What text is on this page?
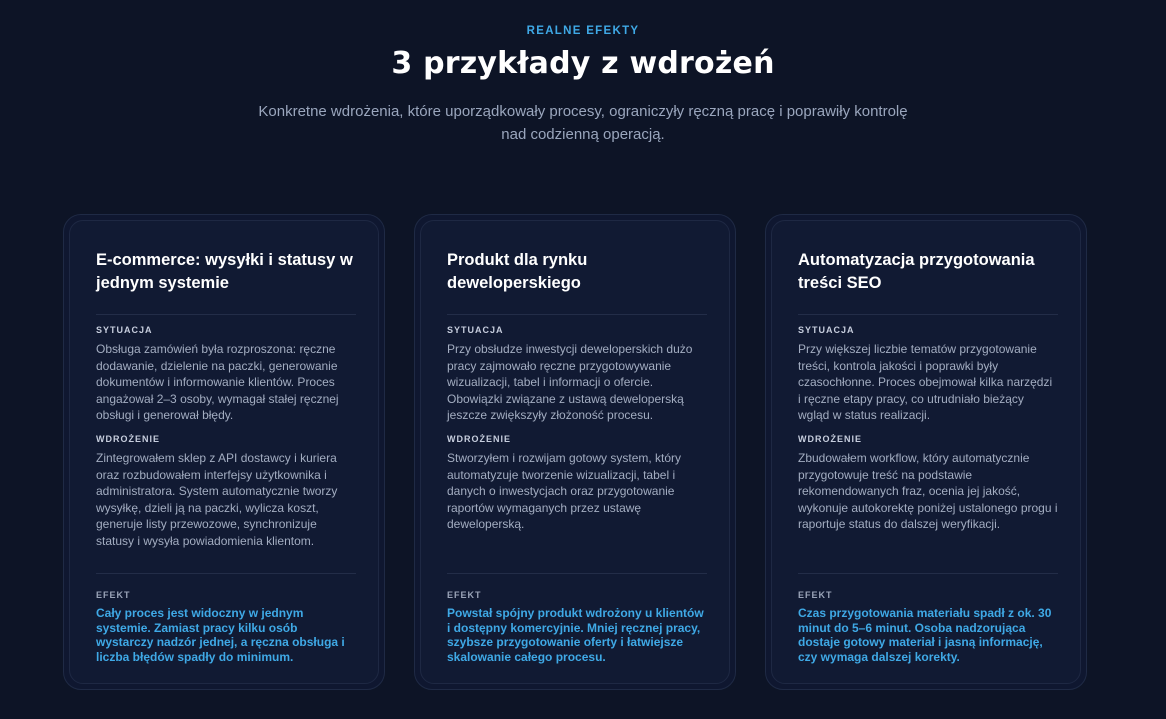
REALNE EFEKTY
3 przykłady z wdrożeń

Konkretne wdrożenia, które uporządkowały procesy, ograniczyły ręczną pracę i poprawiły kontrolę nad codzienną operacją.

E-commerce: wysyłki i statusy w jednym systemie
SYTUACJA
Obsługa zamówień była rozproszona: ręczne dodawanie, dzielenie na paczki, generowanie dokumentów i informowanie klientów. Proces angażował 2–3 osoby, wymagał stałej ręcznej obsługi i generował błędy.
WDROŻENIE
Zintegrowałem sklep z API dostawcy i kuriera oraz rozbudowałem interfejsy użytkownika i administratora. System automatycznie tworzy wysyłkę, dzieli ją na paczki, wylicza koszt, generuje listy przewozowe, synchronizuje statusy i wysyła powiadomienia klientom.
EFEKT
Cały proces jest widoczny w jednym systemie. Zamiast pracy kilku osób wystarczy nadzór jednej, a ręczna obsługa i liczba błędów spadły do minimum.
Produkt dla rynku deweloperskiego
SYTUACJA
Przy obsłudze inwestycji deweloperskich dużo pracy zajmowało ręczne przygotowywanie wizualizacji, tabel i informacji o ofercie. Obowiązki związane z ustawą deweloperską jeszcze zwiększyły złożoność procesu.
WDROŻENIE
Stworzyłem i rozwijam gotowy system, który automatyzuje tworzenie wizualizacji, tabel i danych o inwestycjach oraz przygotowanie raportów wymaganych przez ustawę deweloperską.
EFEKT
Powstał spójny produkt wdrożony u klientów i dostępny komercyjnie. Mniej ręcznej pracy, szybsze przygotowanie oferty i łatwiejsze skalowanie całego procesu.
Automatyzacja przygotowania treści SEO
SYTUACJA
Przy większej liczbie tematów przygotowanie treści, kontrola jakości i poprawki były czasochłonne. Proces obejmował kilka narzędzi i ręczne etapy pracy, co utrudniało bieżący wgląd w status realizacji.
WDROŻENIE
Zbudowałem workflow, który automatycznie przygotowuje treść na podstawie rekomendowanych fraz, ocenia jej jakość, wykonuje autokorektę poniżej ustalonego progu i raportuje status do dalszej weryfikacji.
EFEKT
Czas przygotowania materiału spadł z ok. 30 minut do 5–6 minut. Osoba nadzorująca dostaje gotowy materiał i jasną informację, czy wymaga dalszej korekty.
